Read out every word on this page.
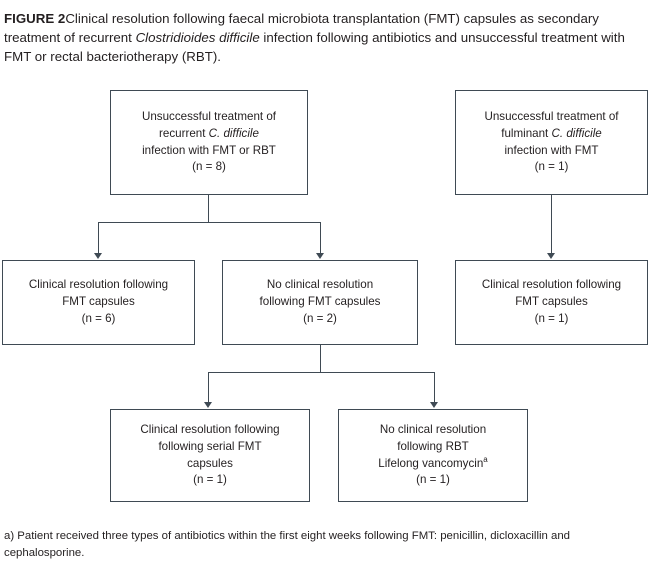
FIGURE 2Clinical resolution following faecal microbiota transplantation (FMT) capsules as secondary treatment of recurrent Clostridioides difficile infection following antibiotics and unsuccessful treatment with FMT or rectal bacteriotherapy (RBT).
Unsuccessful treatment of
recurrent C. difficile
infection with FMT or RBT
(n = 8)
Unsuccessful treatment of
fulminant C. difficile
infection with FMT
(n = 1)
Clinical resolution following
FMT capsules
(n = 6)
No clinical resolution
following FMT capsules
(n = 2)
Clinical resolution following
FMT capsules
(n = 1)
Clinical resolution following
following serial FMT
capsules
(n = 1)
No clinical resolution
following RBT
Lifelong vancomycin$^a$
(n = 1)
a) Patient received three types of antibiotics within the first eight weeks following FMT: penicillin, dicloxacillin and cephalosporine.
